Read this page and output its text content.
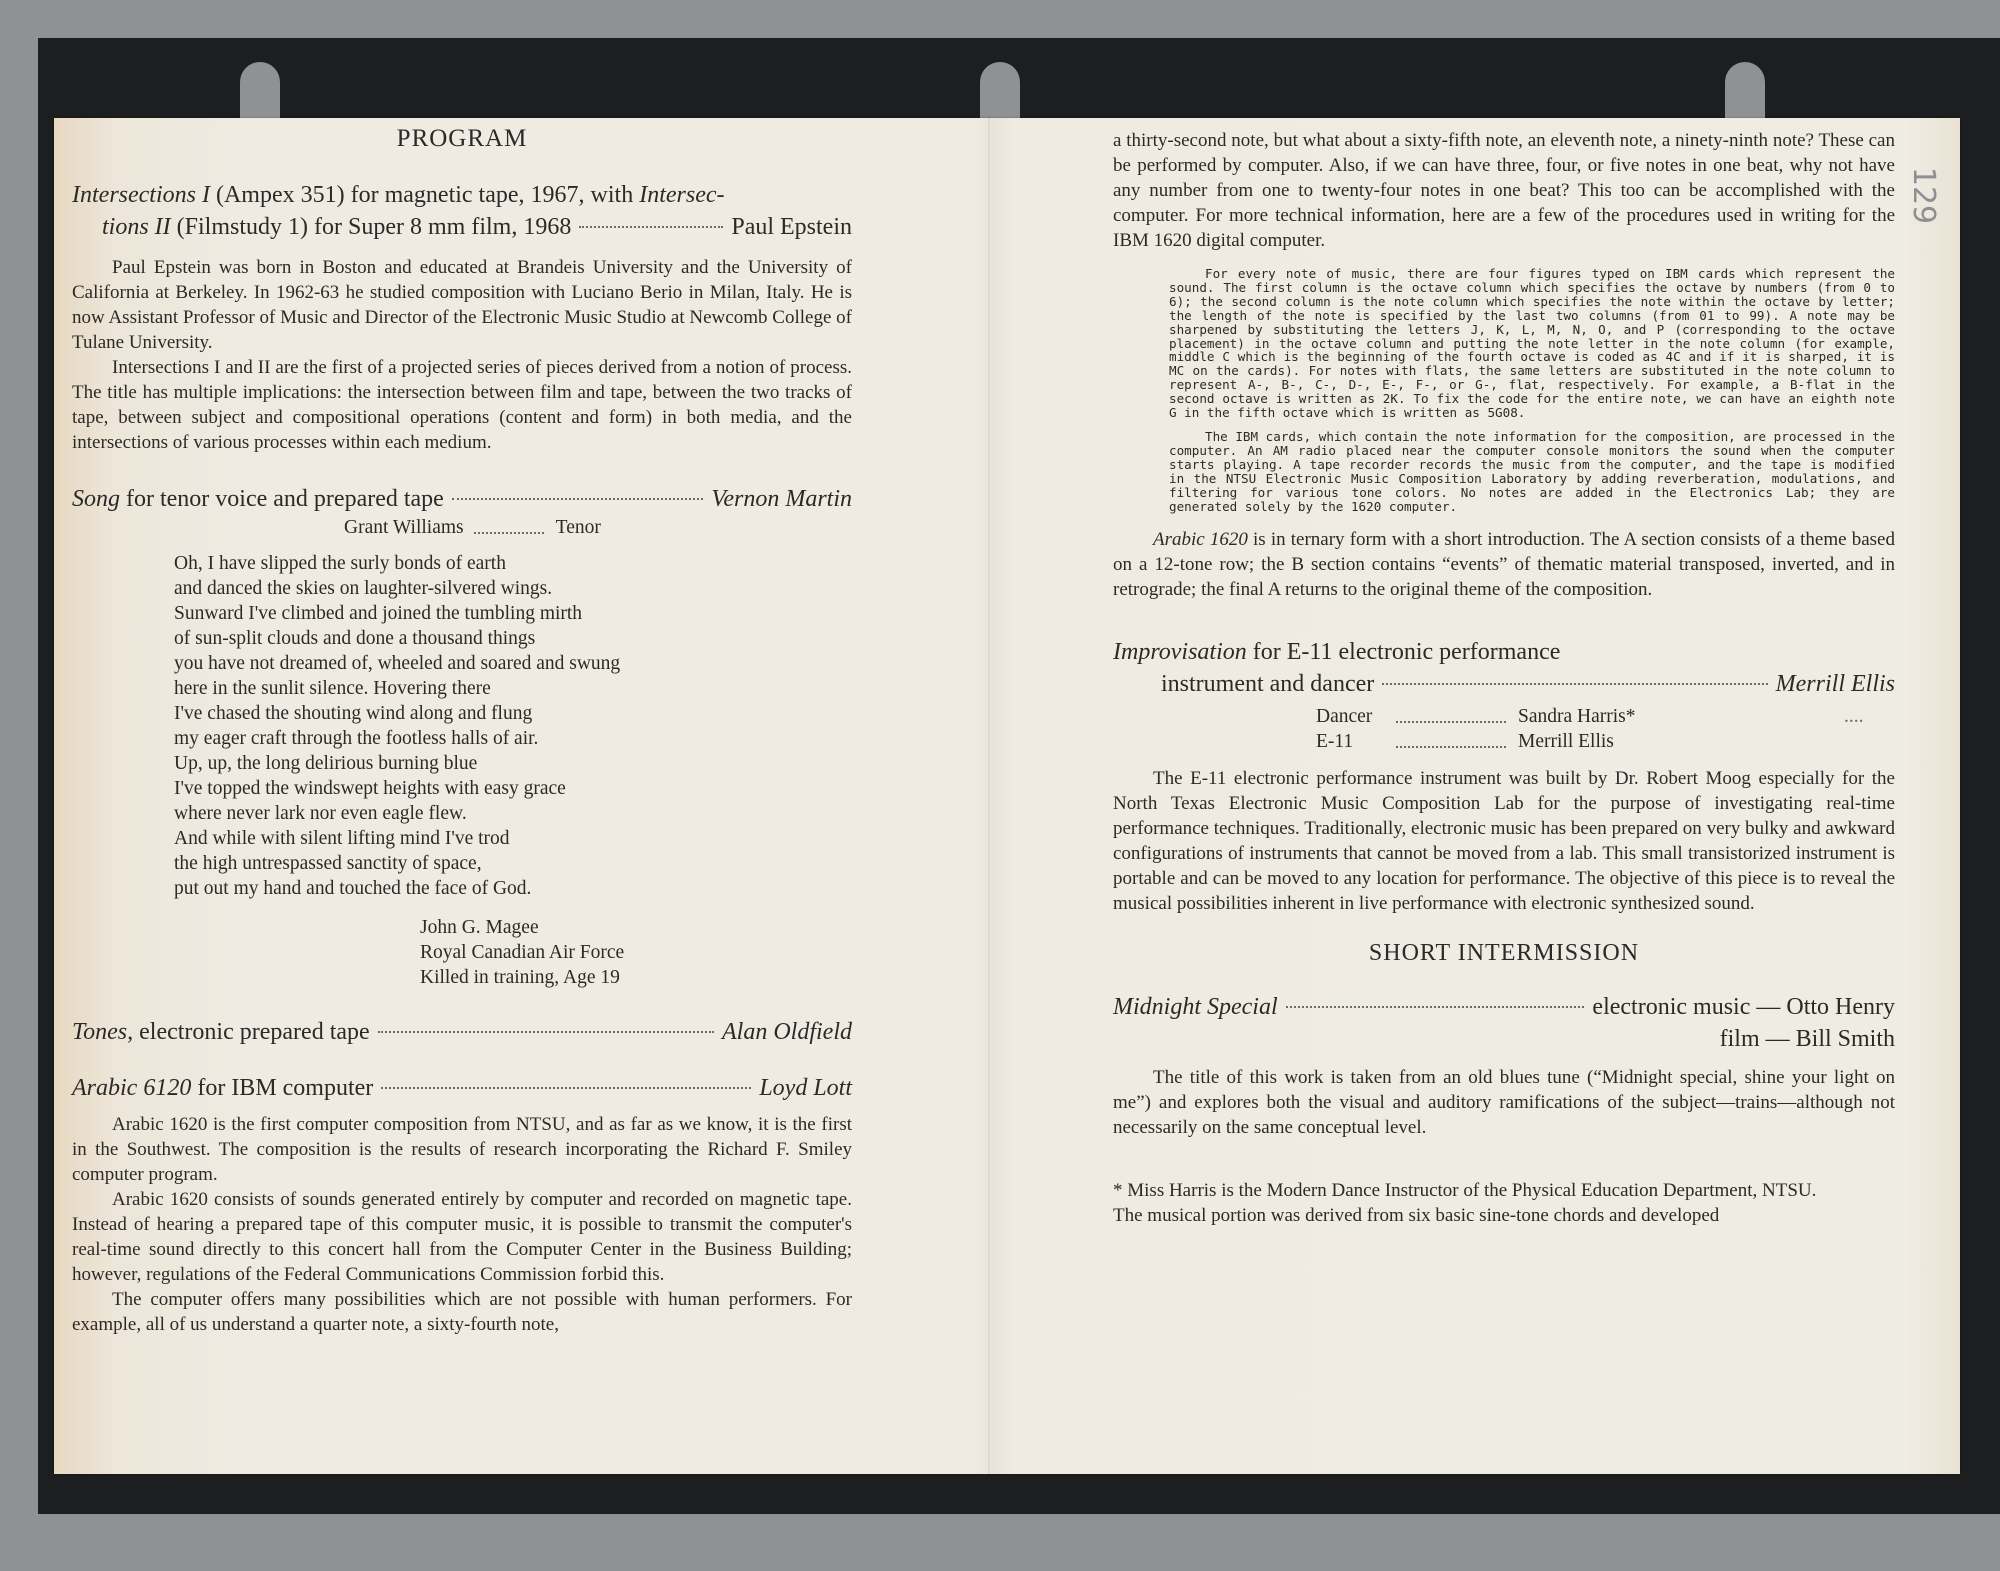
129
PROGRAM
Intersections I (Ampex 351) for magnetic tape, 1967, with Intersec-
tions II (Filmstudy 1) for Super 8 mm film, 1968	Paul Epstein

Paul Epstein was born in Boston and educated at Brandeis University and the University of California at Berkeley. In 1962-63 he studied composition with Luciano Berio in Milan, Italy. He is now Assistant Professor of Music and Director of the Electronic Music Studio at Newcomb College of Tulane University.

Intersections I and II are the first of a projected series of pieces derived from a notion of process. The title has multiple implications: the intersection between film and tape, between the two tracks of tape, between subject and compositional operations (content and form) in both media, and the intersections of various processes within each medium.

Song for tenor voice and prepared tape	Vernon Martin
Grant Williams	Tenor
Oh, I have slipped the surly bonds of earth
and danced the skies on laughter-silvered wings.
Sunward I've climbed and joined the tumbling mirth
of sun-split clouds and done a thousand things
you have not dreamed of, wheeled and soared and swung
here in the sunlit silence. Hovering there
I've chased the shouting wind along and flung
my eager craft through the footless halls of air.
Up, up, the long delirious burning blue
I've topped the windswept heights with easy grace
where never lark nor even eagle flew.
And while with silent lifting mind I've trod
the high untrespassed sanctity of space,
put out my hand and touched the face of God.
John G. Magee
Royal Canadian Air Force
Killed in training, Age 19
Tones, electronic prepared tape	Alan Oldfield
Arabic 6120 for IBM computer	Loyd Lott

Arabic 1620 is the first computer composition from NTSU, and as far as we know, it is the first in the Southwest. The composition is the results of research incorporating the Richard F. Smiley computer program.

Arabic 1620 consists of sounds generated entirely by computer and recorded on magnetic tape. Instead of hearing a prepared tape of this computer music, it is possible to transmit the computer's real-time sound directly to this concert hall from the Computer Center in the Business Building; however, regulations of the Federal Communications Commission forbid this.

The computer offers many possibilities which are not possible with human performers. For example, all of us understand a quarter note, a sixty-fourth note,

a thirty-second note, but what about a sixty-fifth note, an eleventh note, a ninety-ninth note? These can be performed by computer. Also, if we can have three, four, or five notes in one beat, why not have any number from one to twenty-four notes in one beat? This too can be accomplished with the computer. For more technical information, here are a few of the procedures used in writing for the IBM 1620 digital computer.

For every note of music, there are four figures typed on IBM cards which represent the sound. The first column is the octave column which specifies the octave by numbers (from 0 to 6); the second column is the note column which specifies the note within the octave by letter; the length of the note is specified by the last two columns (from 01 to 99). A note may be sharpened by substituting the letters J, K, L, M, N, O, and P (corresponding to the octave placement) in the octave column and putting the note letter in the note column (for example, middle C which is the beginning of the fourth octave is coded as 4C and if it is sharped, it is MC on the cards). For notes with flats, the same letters are substituted in the note column to represent A-, B-, C-, D-, E-, F-, or G-, flat, respectively. For example, a B-flat in the second octave is written as 2K. To fix the code for the entire note, we can have an eighth note G in the fifth octave which is written as 5G08.

The IBM cards, which contain the note information for the composition, are processed in the computer. An AM radio placed near the computer console monitors the sound when the computer starts playing. A tape recorder records the music from the computer, and the tape is modified in the NTSU Electronic Music Composition Laboratory by adding reverberation, modulations, and filtering for various tone colors. No notes are added in the Electronics Lab; they are generated solely by the 1620 computer.

Arabic 1620 is in ternary form with a short introduction. The A section consists of a theme based on a 12-tone row; the B section contains “events” of thematic material transposed, inverted, and in retrograde; the final A returns to the original theme of the composition.

Improvisation for E-11 electronic performance
instrument and dancer	Merrill Ellis
Dancer	Sandra Harris*	....
E-11	Merrill Ellis

The E-11 electronic performance instrument was built by Dr. Robert Moog especially for the North Texas Electronic Music Composition Lab for the purpose of investigating real-time performance techniques. Traditionally, electronic music has been prepared on very bulky and awkward configurations of instruments that cannot be moved from a lab. This small transistorized instrument is portable and can be moved to any location for performance. The objective of this piece is to reveal the musical possibilities inherent in live performance with electronic synthesized sound.

SHORT INTERMISSION
Midnight Special	electronic music — Otto Henry
film — Bill Smith

The title of this work is taken from an old blues tune (“Midnight special, shine your light on me”) and explores both the visual and auditory ramifications of the subject—trains—although not necessarily on the same conceptual level.

* Miss Harris is the Modern Dance Instructor of the Physical Education Department, NTSU.

The musical portion was derived from six basic sine-tone chords and developed
